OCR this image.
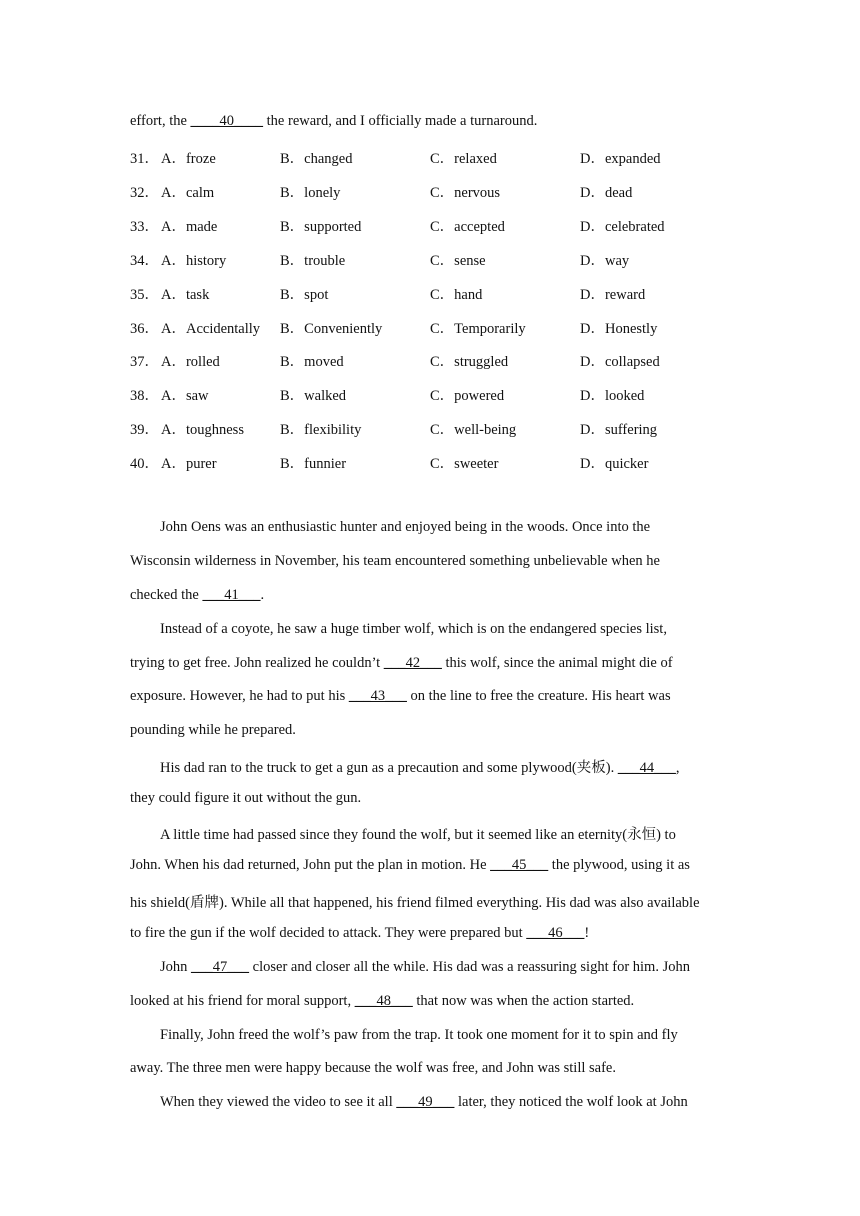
effort, the ____40____ the reward, and I officially made a turnaround.
31． A．froze	B．changed	C．relaxed	D．expanded
32． A．calm	B．lonely	C．nervous	D．dead
33． A．made	B．supported	C．accepted	D．celebrated
34． A．history	B．trouble	C．sense	D．way
35． A．task	B．spot	C．hand	D．reward
36． A．Accidentally B．Conveniently	C．Temporarily	D．Honestly
37． A．rolled	B．moved	C．struggled	D．collapsed
38． A．saw	B．walked	C．powered	D．looked
39． A．toughness B．flexibility	C．well-being	D．suffering
40． A．purer	B．funnier	C．sweeter	D．quicker
John Oens was an enthusiastic hunter and enjoyed being in the woods. Once into the
Wisconsin wilderness in November, his team encountered something unbelievable when he
checked the ___41___.
Instead of a coyote, he saw a huge timber wolf, which is on the endangered species list,
trying to get free. John realized he couldn’t ___42___ this wolf, since the animal might die of
exposure. However, he had to put his ___43___ on the line to free the creature. His heart was
pounding while he prepared.
His dad ran to the truck to get a gun as a precaution and some plywood(夹板). ___44___,
they could figure it out without the gun.
A little time had passed since they found the wolf, but it seemed like an eternity(永恒) to
John. When his dad returned, John put the plan in motion. He ___45___ the plywood, using it as
his shield(盾牌). While all that happened, his friend filmed everything. His dad was also available
to fire the gun if the wolf decided to attack. They were prepared but ___46___!
John ___47___ closer and closer all the while. His dad was a reassuring sight for him. John
looked at his friend for moral support, ___48___ that now was when the action started.
Finally, John freed the wolf’s paw from the trap. It took one moment for it to spin and fly
away. The three men were happy because the wolf was free, and John was still safe.
When they viewed the video to see it all ___49___ later, they noticed the wolf look at John
